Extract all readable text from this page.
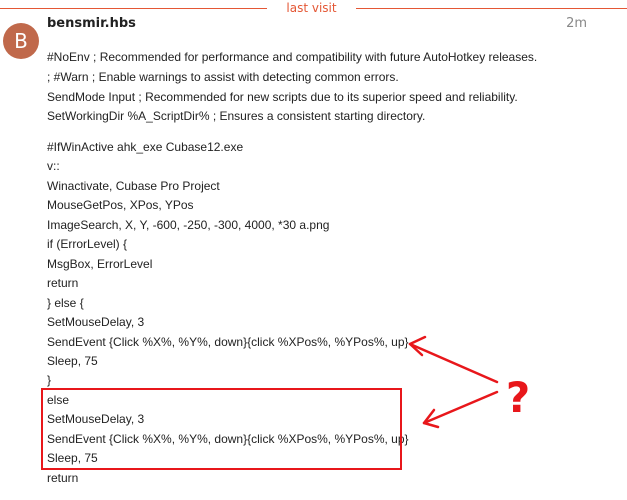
last visit
B
bensmir.hbs	2m
#NoEnv ; Recommended for performance and compatibility with future AutoHotkey releases.
; #Warn ; Enable warnings to assist with detecting common errors.
SendMode Input ; Recommended for new scripts due to its superior speed and reliability.
SetWorkingDir %A_ScriptDir% ; Ensures a consistent starting directory.
#IfWinActive ahk_exe Cubase12.exe
v::
Winactivate, Cubase Pro Project
MouseGetPos, XPos, YPos
ImageSearch, X, Y, -600, -250, -300, 4000, *30 a.png
if (ErrorLevel) {
MsgBox, ErrorLevel
return
} else {
SetMouseDelay, 3
SendEvent {Click %X%, %Y%, down}{click %XPos%, %YPos%, up}
Sleep, 75
}
else
SetMouseDelay, 3
SendEvent {Click %X%, %Y%, down}{click %XPos%, %YPos%, up}
Sleep, 75
return
?
